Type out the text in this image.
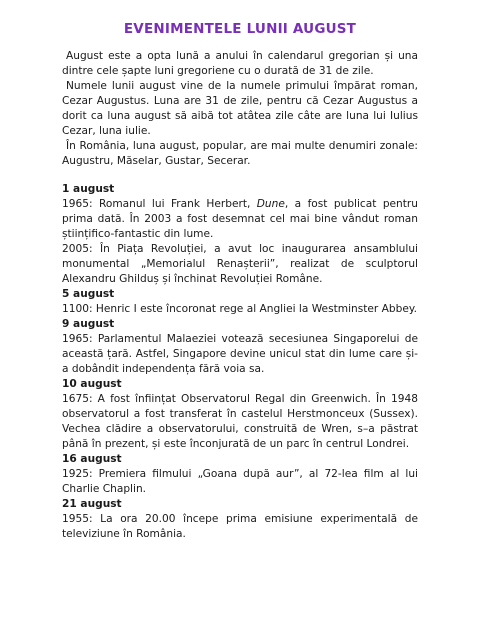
EVENIMENTELE LUNII AUGUST

August este a opta lună a anului în calendarul gregorian și una dintre cele șapte luni gregoriene cu o durată de 31 de zile.

Numele lunii august vine de la numele primului împărat roman, Cezar Augustus. Luna are 31 de zile, pentru că Cezar Augustus a dorit ca luna august să aibă tot atâtea zile câte are luna lui Iulius Cezar, luna iulie.

În România, luna august, popular, are mai multe denumiri zonale: Augustru, Măselar, Gustar, Secerar.

1 august

1965: Romanul lui Frank Herbert, Dune, a fost publicat pentru prima dată. În 2003 a fost desemnat cel mai bine vândut roman științifico-fantastic din lume.

2005: În Piața Revoluției, a avut loc inaugurarea ansamblului monumental „Memorialul Renașterii”, realizat de sculptorul Alexandru Ghilduș și închinat Revoluției Române.

5 august

1100: Henric I este încoronat rege al Angliei la Westminster Abbey.

9 august

1965: Parlamentul Malaeziei votează secesiunea Singaporelui de această țară. Astfel, Singapore devine unicul stat din lume care și-a dobândit independența fără voia sa.

10 august

1675: A fost înființat Observatorul Regal din Greenwich. În 1948 observatorul a fost transferat în castelul Herstmonceux (Sussex). Vechea clădire a observatorului, construită de Wren, s–a păstrat până în prezent, și este înconjurată de un parc în centrul Londrei.

16 august

1925: Premiera filmului „Goana după aur”, al 72-lea film al lui Charlie Chaplin.

21 august

1955: La ora 20.00 începe prima emisiune experimentală de televiziune în România.
